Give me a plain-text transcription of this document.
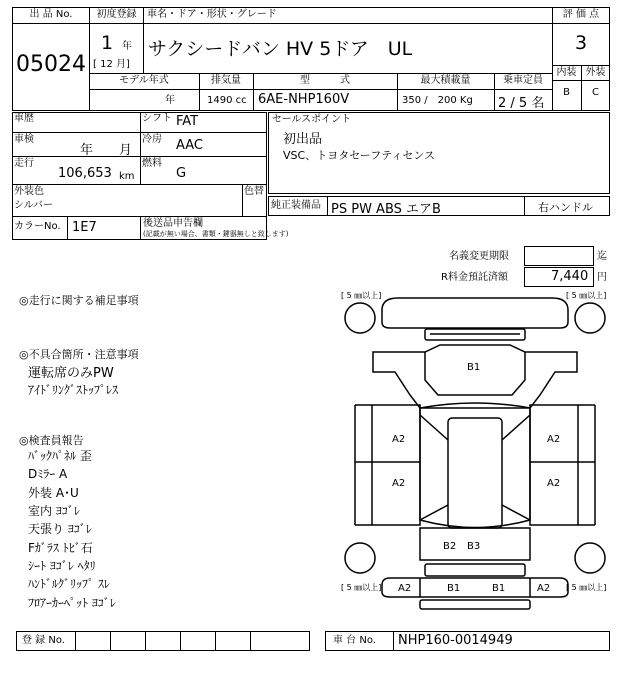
出 品 No.
05024
初度登録
1 年
[ 12 月]
車名・ドア・形状・グレード
サクシードバン HV 5ドア　UL
モデル年式
年
排気量
1490 cc
型　　　式
6AE-NHP160V
最大積載量
350 /　200 Kg
乗車定員
2 / 5 名
評 価 点
3
内装 外装
B	C
車歴	シフト FAT
車検
年　　月
冷房 AAC
走行
106,653 km
燃料
G
外装色
シルバー
色替
カラーNo. 1E7	後送品申告欄
(記載が無い場合、書類・鍵器無しと致します)
セールスポイント
初出品
VSC、トヨタセーフティセンス
純正装備品 PS PW ABS エアB	右ハンドル
名義変更期限	迄
R料金預託済額	7,440 円
◎走行に関する補足事項
◎不具合箇所・注意事項
運転席のみPW
ｱｲﾄﾞﾘﾝｸﾞｽﾄｯﾌﾟﾚｽ
◎検査員報告
ﾊﾞｯｸﾊﾟﾈﾙ 歪
Dﾐﾗｰ A
外装 A･U
室内 ﾖｺﾞﾚ
天張り ﾖｺﾞﾚ
Fｶﾞﾗｽ ﾄﾋﾞ石
ｼｰﾄ ﾖｺﾞﾚ ﾍﾀﾘ
ﾊﾝﾄﾞﾙｸﾞﾘｯﾌﾟ ｽﾚ
ﾌﾛｱｰｶｰﾍﾟｯﾄ ﾖｺﾞﾚ
[ 5 ㎜以上]	[ 5 ㎜以上]
[ 5 ㎜以上]	[ 5 ㎜以上]
B1
A2	A2
A2	A2
B2 B3
A2	B1	B1	A2
登 録 No.	車 台 No. NHP160-0014949
